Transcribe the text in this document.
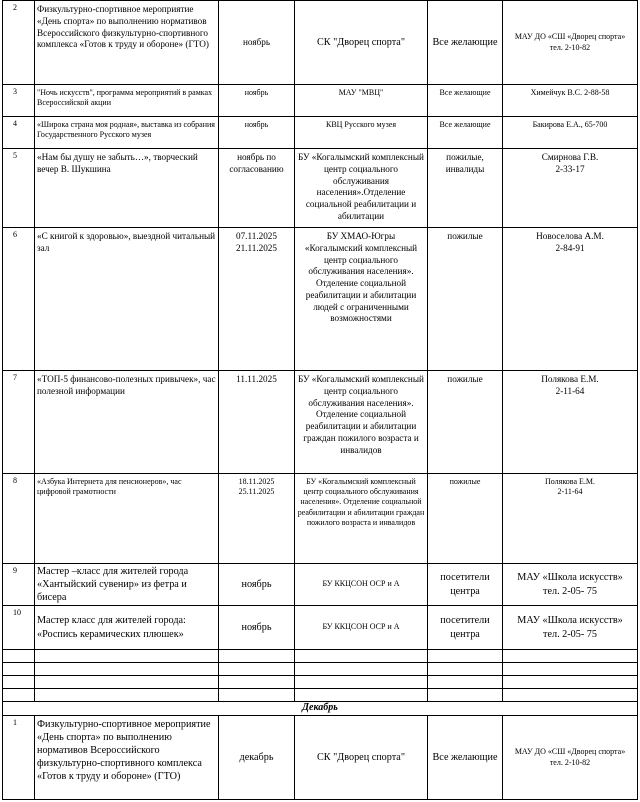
2	Физкультурно-спортивное мероприятие «День спорта» по выполнению нормативов Всероссийского физкультурно-спортивного комплекса «Готов к труду и обороне» (ГТО)	ноябрь	СК "Дворец спорта"	Все желающие	МАУ ДО «СШ «Дворец спорта»
тел. 2-10-82
3	"Ночь искусств", программа мероприятий в рамках Всероссийской акции	ноябрь	МАУ "МВЦ"	Все желающие	Химейчук В.С. 2-88-58
4	«Широка страна моя родная», выставка из собрания Государственного Русского музея	ноябрь	КВЦ Русского музея	Все желающие	Бакирова Е.А., 65-700
5	«Нам бы душу не забыть…», творческий вечер В. Шукшина	ноябрь по согласованию	БУ «Когалымский комплексный центр социального обслуживания населения».Отделение социальной реабилитации и абилитации	пожилые, инвалиды	Смирнова Г.В.
2-33-17
6	«С книгой к здоровью», выездной читальный зал	07.11.2025
21.11.2025	БУ ХМАО-Югры «Когалымский комплексный центр социального обслуживания населения». Отделение социальной реабилитации и абилитации людей с ограниченными возможностями	пожилые	Новоселова А.М.
2-84-91
7	«ТОП-5 финансово-полезных привычек», час полезной информации	11.11.2025	БУ «Когалымский комплексный центр социального обслуживания населения». Отделение социальной реабилитации и абилитации граждан пожилого возраста и инвалидов	пожилые	Полякова Е.М.
2-11-64
8	«Азбука Интернета для пенсионеров», час цифровой грамотности	18.11.2025
25.11.2025	БУ «Когалымский комплексный центр социального обслуживания населения». Отделение социальной реабилитации и абилитации граждан пожилого возраста и инвалидов	пожилые	Полякова Е.М.
2-11-64
9	Мастер –класс для жителей города «Хантыйский сувенир» из фетра и бисера	ноябрь	БУ ККЦСОН ОСР и А	посетители центра	МАУ «Школа искусств»
тел. 2-05- 75
10	Мастер класс для жителей города: «Роспись керамических плюшек»	ноябрь	БУ ККЦСОН ОСР и А	посетители центра	МАУ «Школа искусств»
тел. 2-05- 75

Декабрь					
1	Физкультурно-спортивное мероприятие «День спорта» по выполнению нормативов Всероссийского физкультурно-спортивного комплекса «Готов к труду и обороне» (ГТО)	декабрь	СК "Дворец спорта"	Все желающие	МАУ ДО «СШ «Дворец спорта»
тел. 2-10-82
